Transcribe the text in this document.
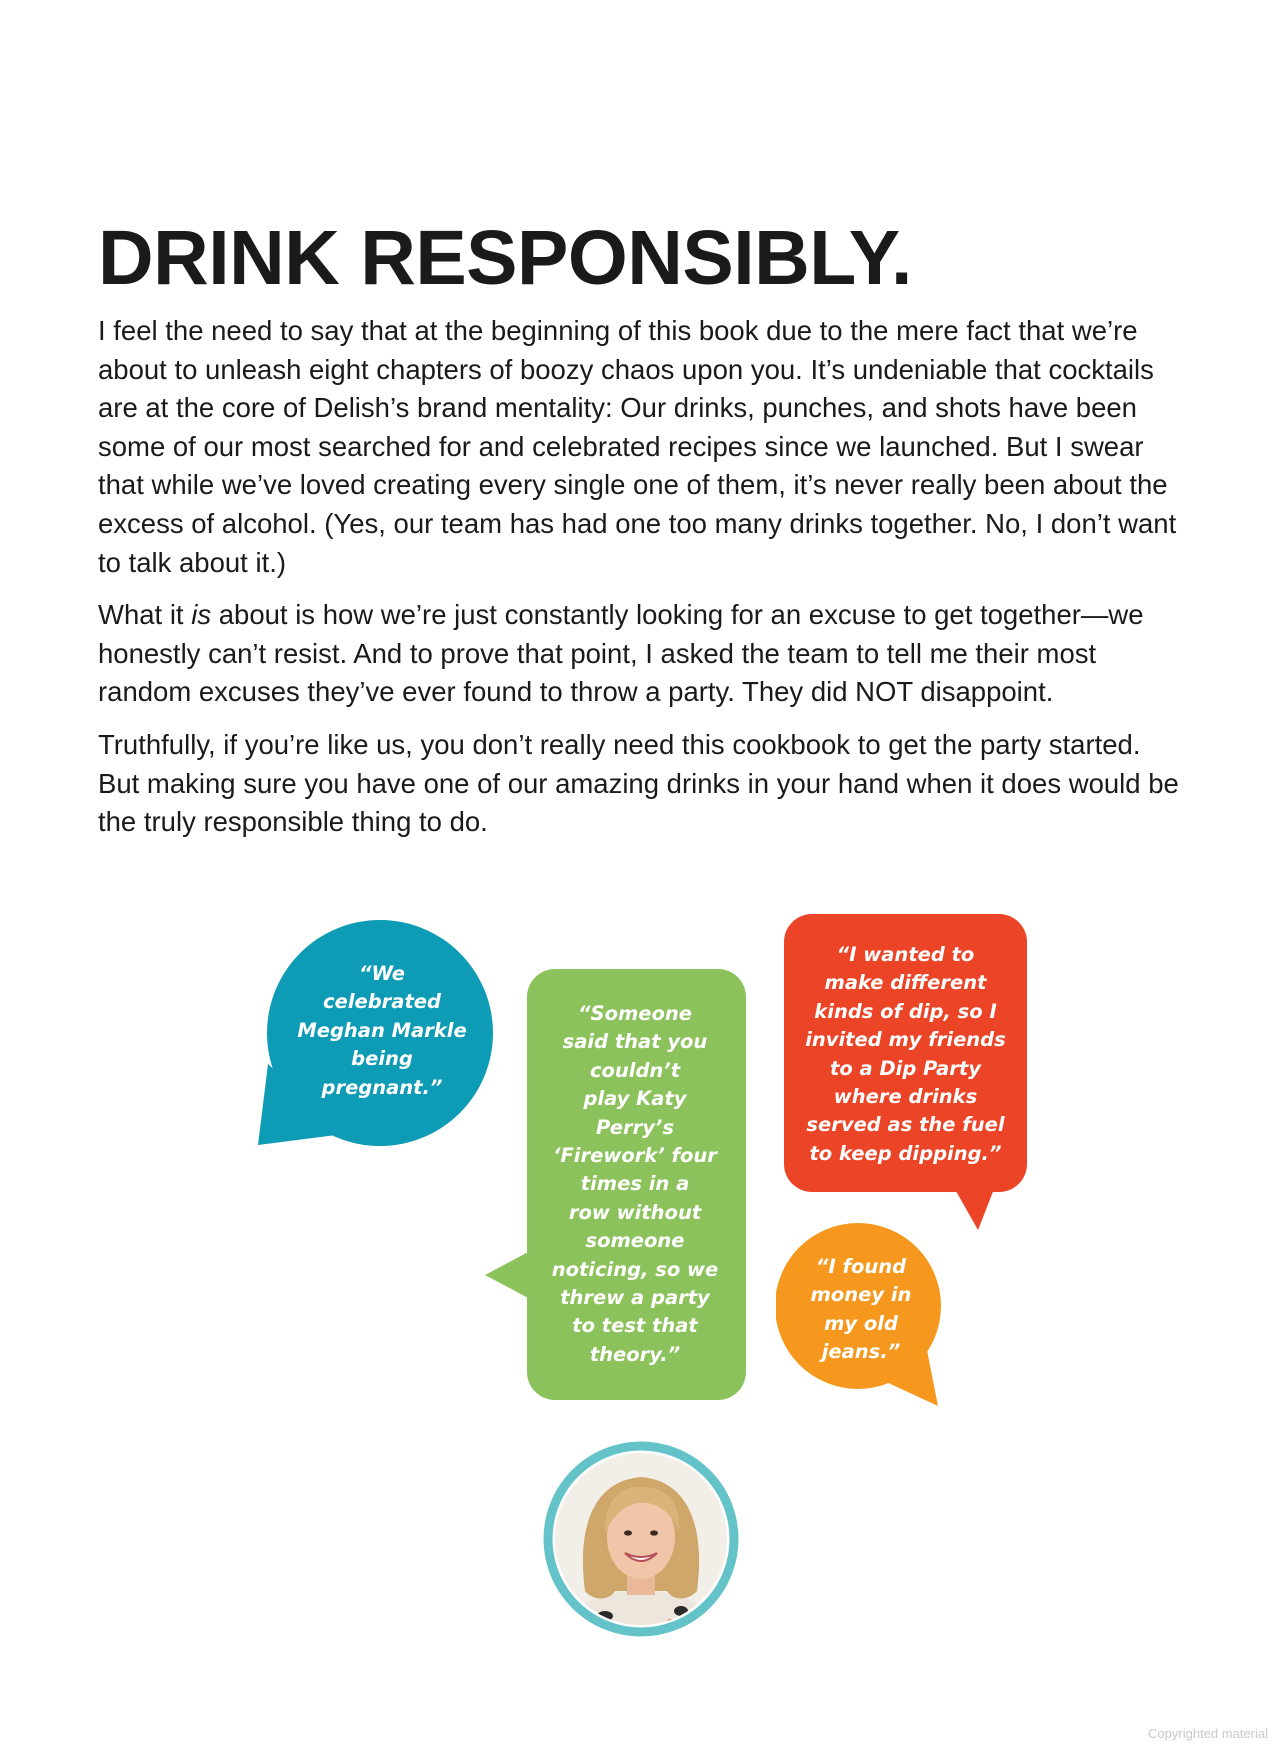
DRINK RESPONSIBLY.

I feel the need to say that at the beginning of this book due to the mere fact that we’re about to unleash eight chapters of boozy chaos upon you. It’s undeniable that cocktails are at the core of Delish’s brand mentality: Our drinks, punches, and shots have been some of our most searched for and celebrated recipes since we launched. But I swear that while we’ve loved creating every single one of them, it’s never really been about the excess of alcohol. (Yes, our team has had one too many drinks together. No, I don’t want to talk about it.)

What it is about is how we’re just constantly looking for an excuse to get together—we honestly can’t resist. And to prove that point, I asked the team to tell me their most random excuses they’ve ever found to throw a party. They did NOT disappoint.

Truthfully, if you’re like us, you don’t really need this cookbook to get the party started. But making sure you have one of our amazing drinks in your hand when it does would be the truly responsible thing to do.

“We
celebrated
Meghan Markle
being
pregnant.”

“Someone
said that you
couldn’t
play Katy
Perry’s
‘Firework’ four
times in a
row without
someone
noticing, so we
threw a party
to test that
theory.”

“I wanted to
make different
kinds of dip, so I
invited my friends
to a Dip Party
where drinks
served as the fuel
to keep dipping.”

“I found
money in
my old
jeans.”

Copyrighted material
